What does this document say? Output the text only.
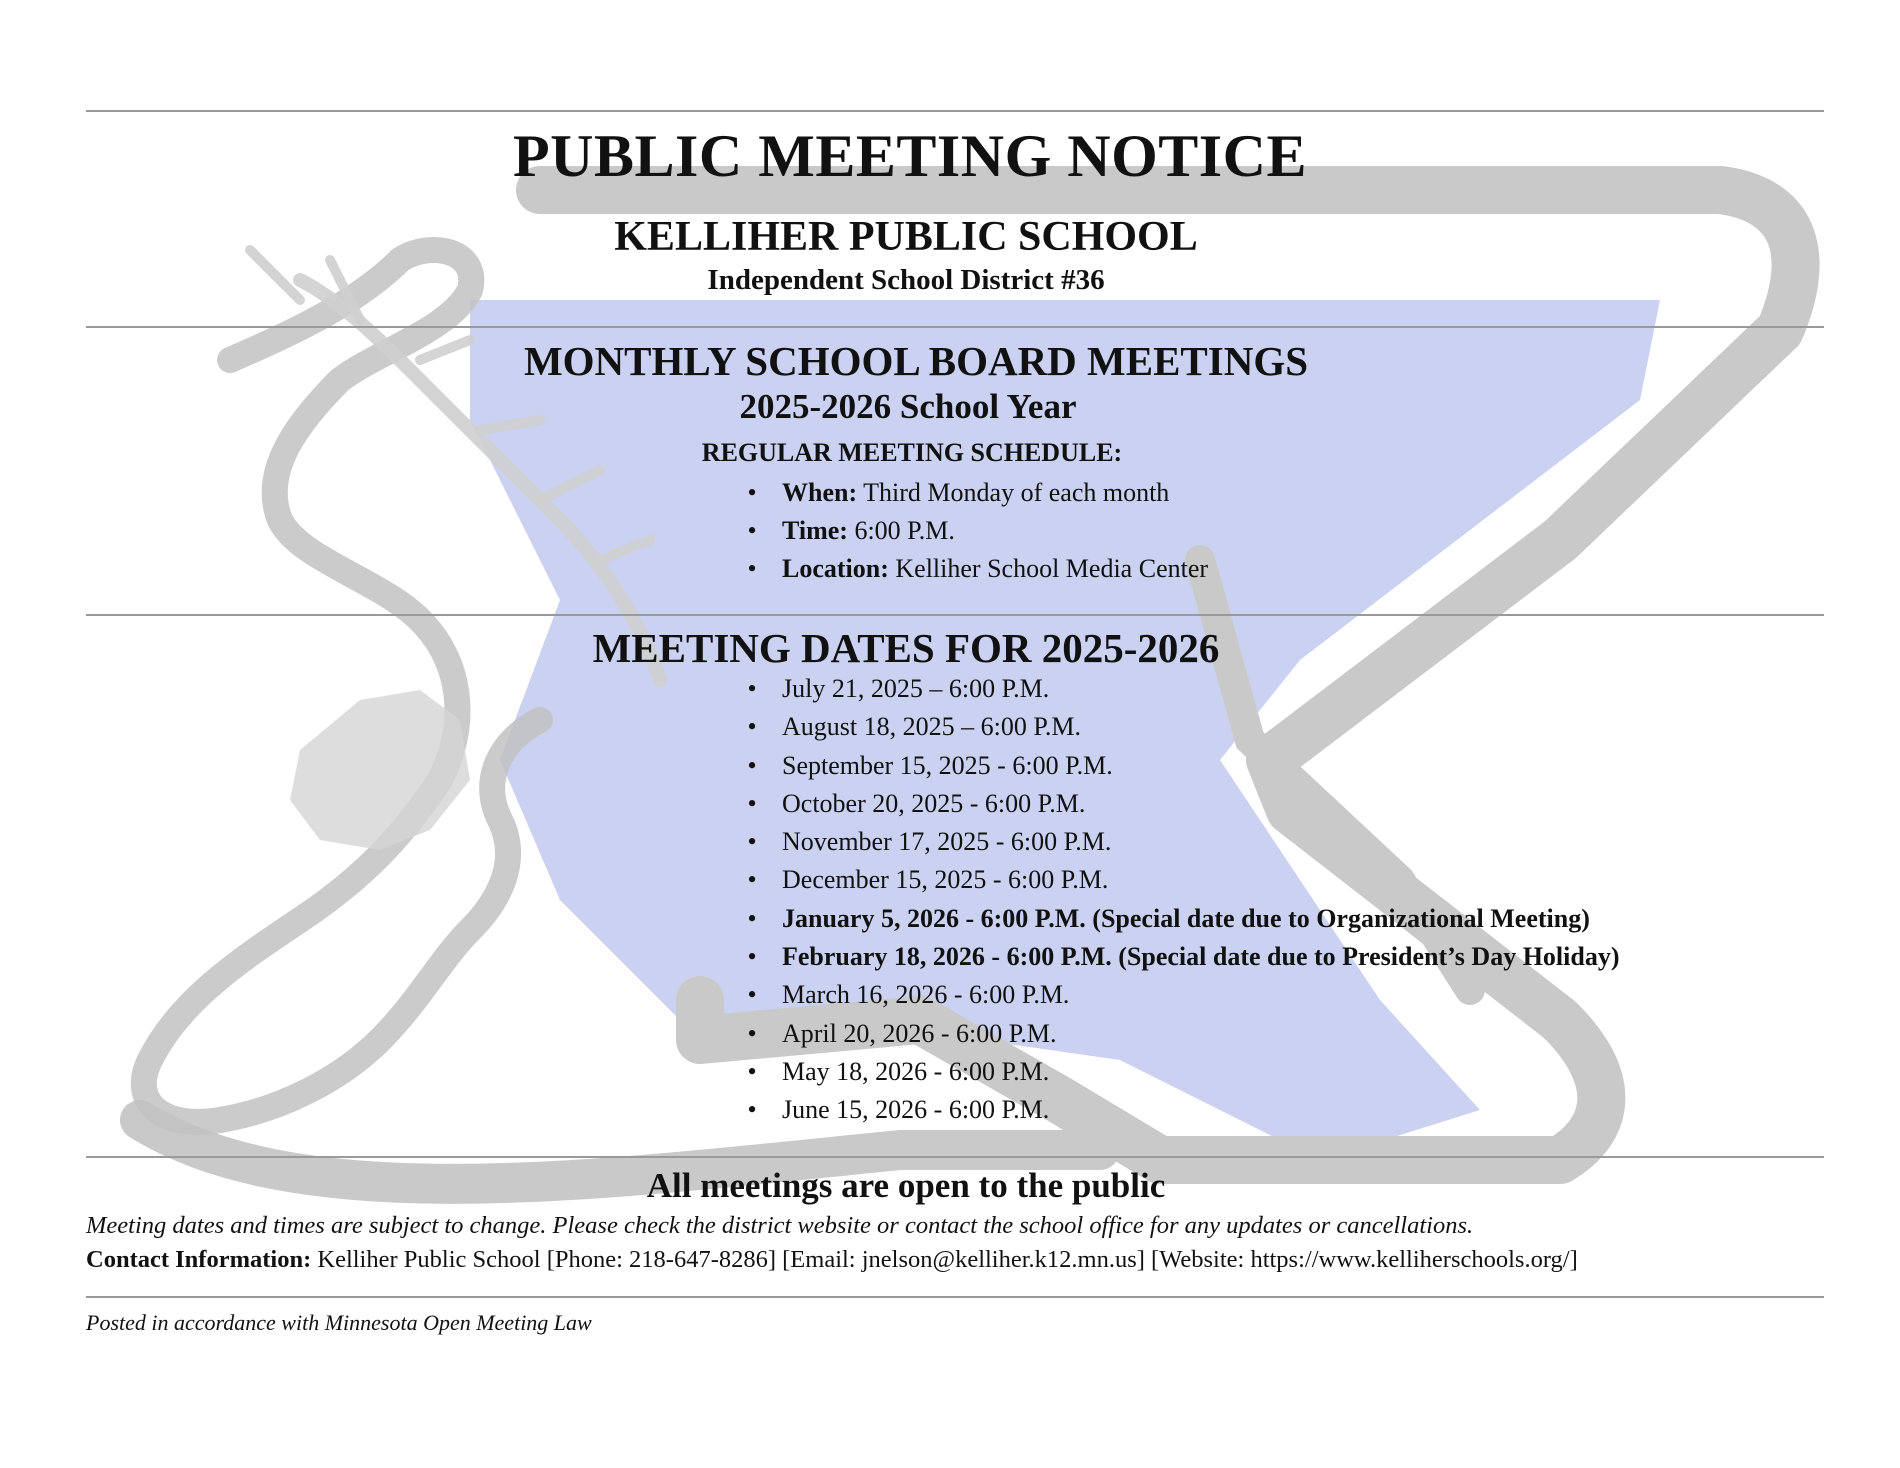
PUBLIC MEETING NOTICE
KELLIHER PUBLIC SCHOOL
Independent School District #36
MONTHLY SCHOOL BOARD MEETINGS
2025-2026 School Year
REGULAR MEETING SCHEDULE:
• When: Third Monday of each month
• Time: 6:00 P.M.
• Location: Kelliher School Media Center
MEETING DATES FOR 2025-2026
• July 21, 2025 – 6:00 P.M.
• August 18, 2025 – 6:00 P.M.
• September 15, 2025 - 6:00 P.M.
• October 20, 2025 - 6:00 P.M.
• November 17, 2025 - 6:00 P.M.
• December 15, 2025 - 6:00 P.M.
• January 5, 2026 - 6:00 P.M. (Special date due to Organizational Meeting)
• February 18, 2026 - 6:00 P.M. (Special date due to President’s Day Holiday)
• March 16, 2026 - 6:00 P.M.
• April 20, 2026 - 6:00 P.M.
• May 18, 2026 - 6:00 P.M.
• June 15, 2026 - 6:00 P.M.
All meetings are open to the public
Meeting dates and times are subject to change. Please check the district website or contact the school office for any updates or cancellations.
Contact Information: Kelliher Public School [Phone: 218-647-8286] [Email: jnelson@kelliher.k12.mn.us] [Website: https://www.kelliherschools.org/]
Posted in accordance with Minnesota Open Meeting Law
